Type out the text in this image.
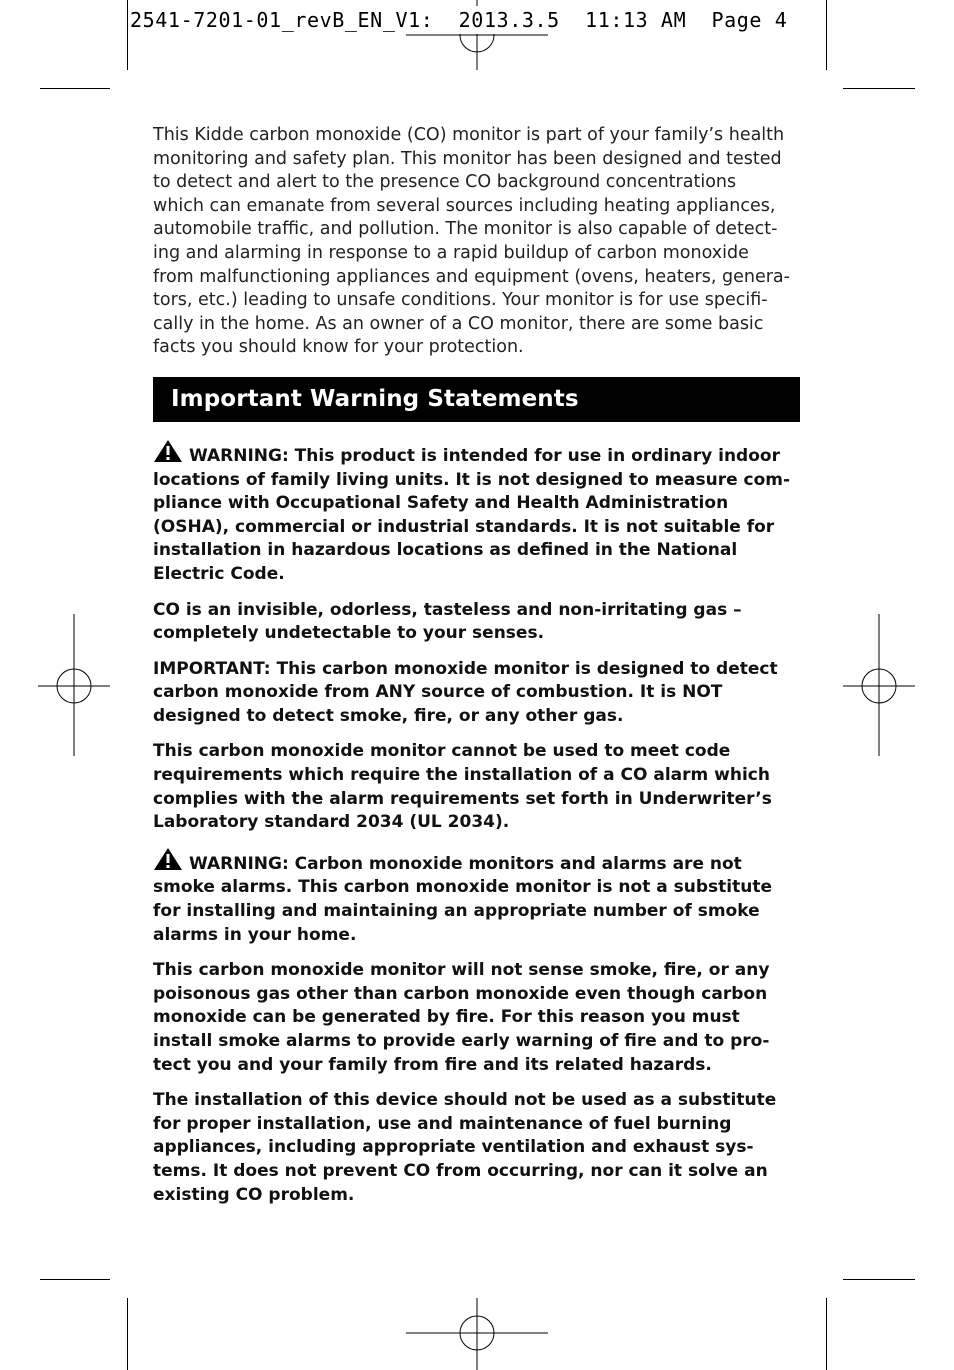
2541-7201-01_revB_EN_V1:  2013.3.5  11:13 AM  Page 4
This Kidde carbon monoxide (CO) monitor is part of your family’s health
monitoring and safety plan. This monitor has been designed and tested
to detect and alert to the presence CO background concentrations
which can emanate from several sources including heating appliances,
automobile traffic, and pollution. The monitor is also capable of detect-
ing and alarming in response to a rapid buildup of carbon monoxide
from malfunctioning appliances and equipment (ovens, heaters, genera-
tors, etc.) leading to unsafe conditions. Your monitor is for use specifi-
cally in the home. As an owner of a CO monitor, there are some basic
facts you should know for your protection.
Important Warning Statements
WARNING: This product is intended for use in ordinary indoor
locations of family living units. It is not designed to measure com-
pliance with Occupational Safety and Health Administration
(OSHA), commercial or industrial standards. It is not suitable for
installation in hazardous locations as defined in the National
Electric Code.
CO is an invisible, odorless, tasteless and non-irritating gas –
completely undetectable to your senses.
IMPORTANT: This carbon monoxide monitor is designed to detect
carbon monoxide from ANY source of combustion. It is NOT
designed to detect smoke, fire, or any other gas.
This carbon monoxide monitor cannot be used to meet code
requirements which require the installation of a CO alarm which
complies with the alarm requirements set forth in Underwriter’s
Laboratory standard 2034 (UL 2034).
WARNING: Carbon monoxide monitors and alarms are not
smoke alarms. This carbon monoxide monitor is not a substitute
for installing and maintaining an appropriate number of smoke
alarms in your home.
This carbon monoxide monitor will not sense smoke, fire, or any
poisonous gas other than carbon monoxide even though carbon
monoxide can be generated by fire. For this reason you must
install smoke alarms to provide early warning of fire and to pro-
tect you and your family from fire and its related hazards.
The installation of this device should not be used as a substitute
for proper installation, use and maintenance of fuel burning
appliances, including appropriate ventilation and exhaust sys-
tems. It does not prevent CO from occurring, nor can it solve an
existing CO problem.
